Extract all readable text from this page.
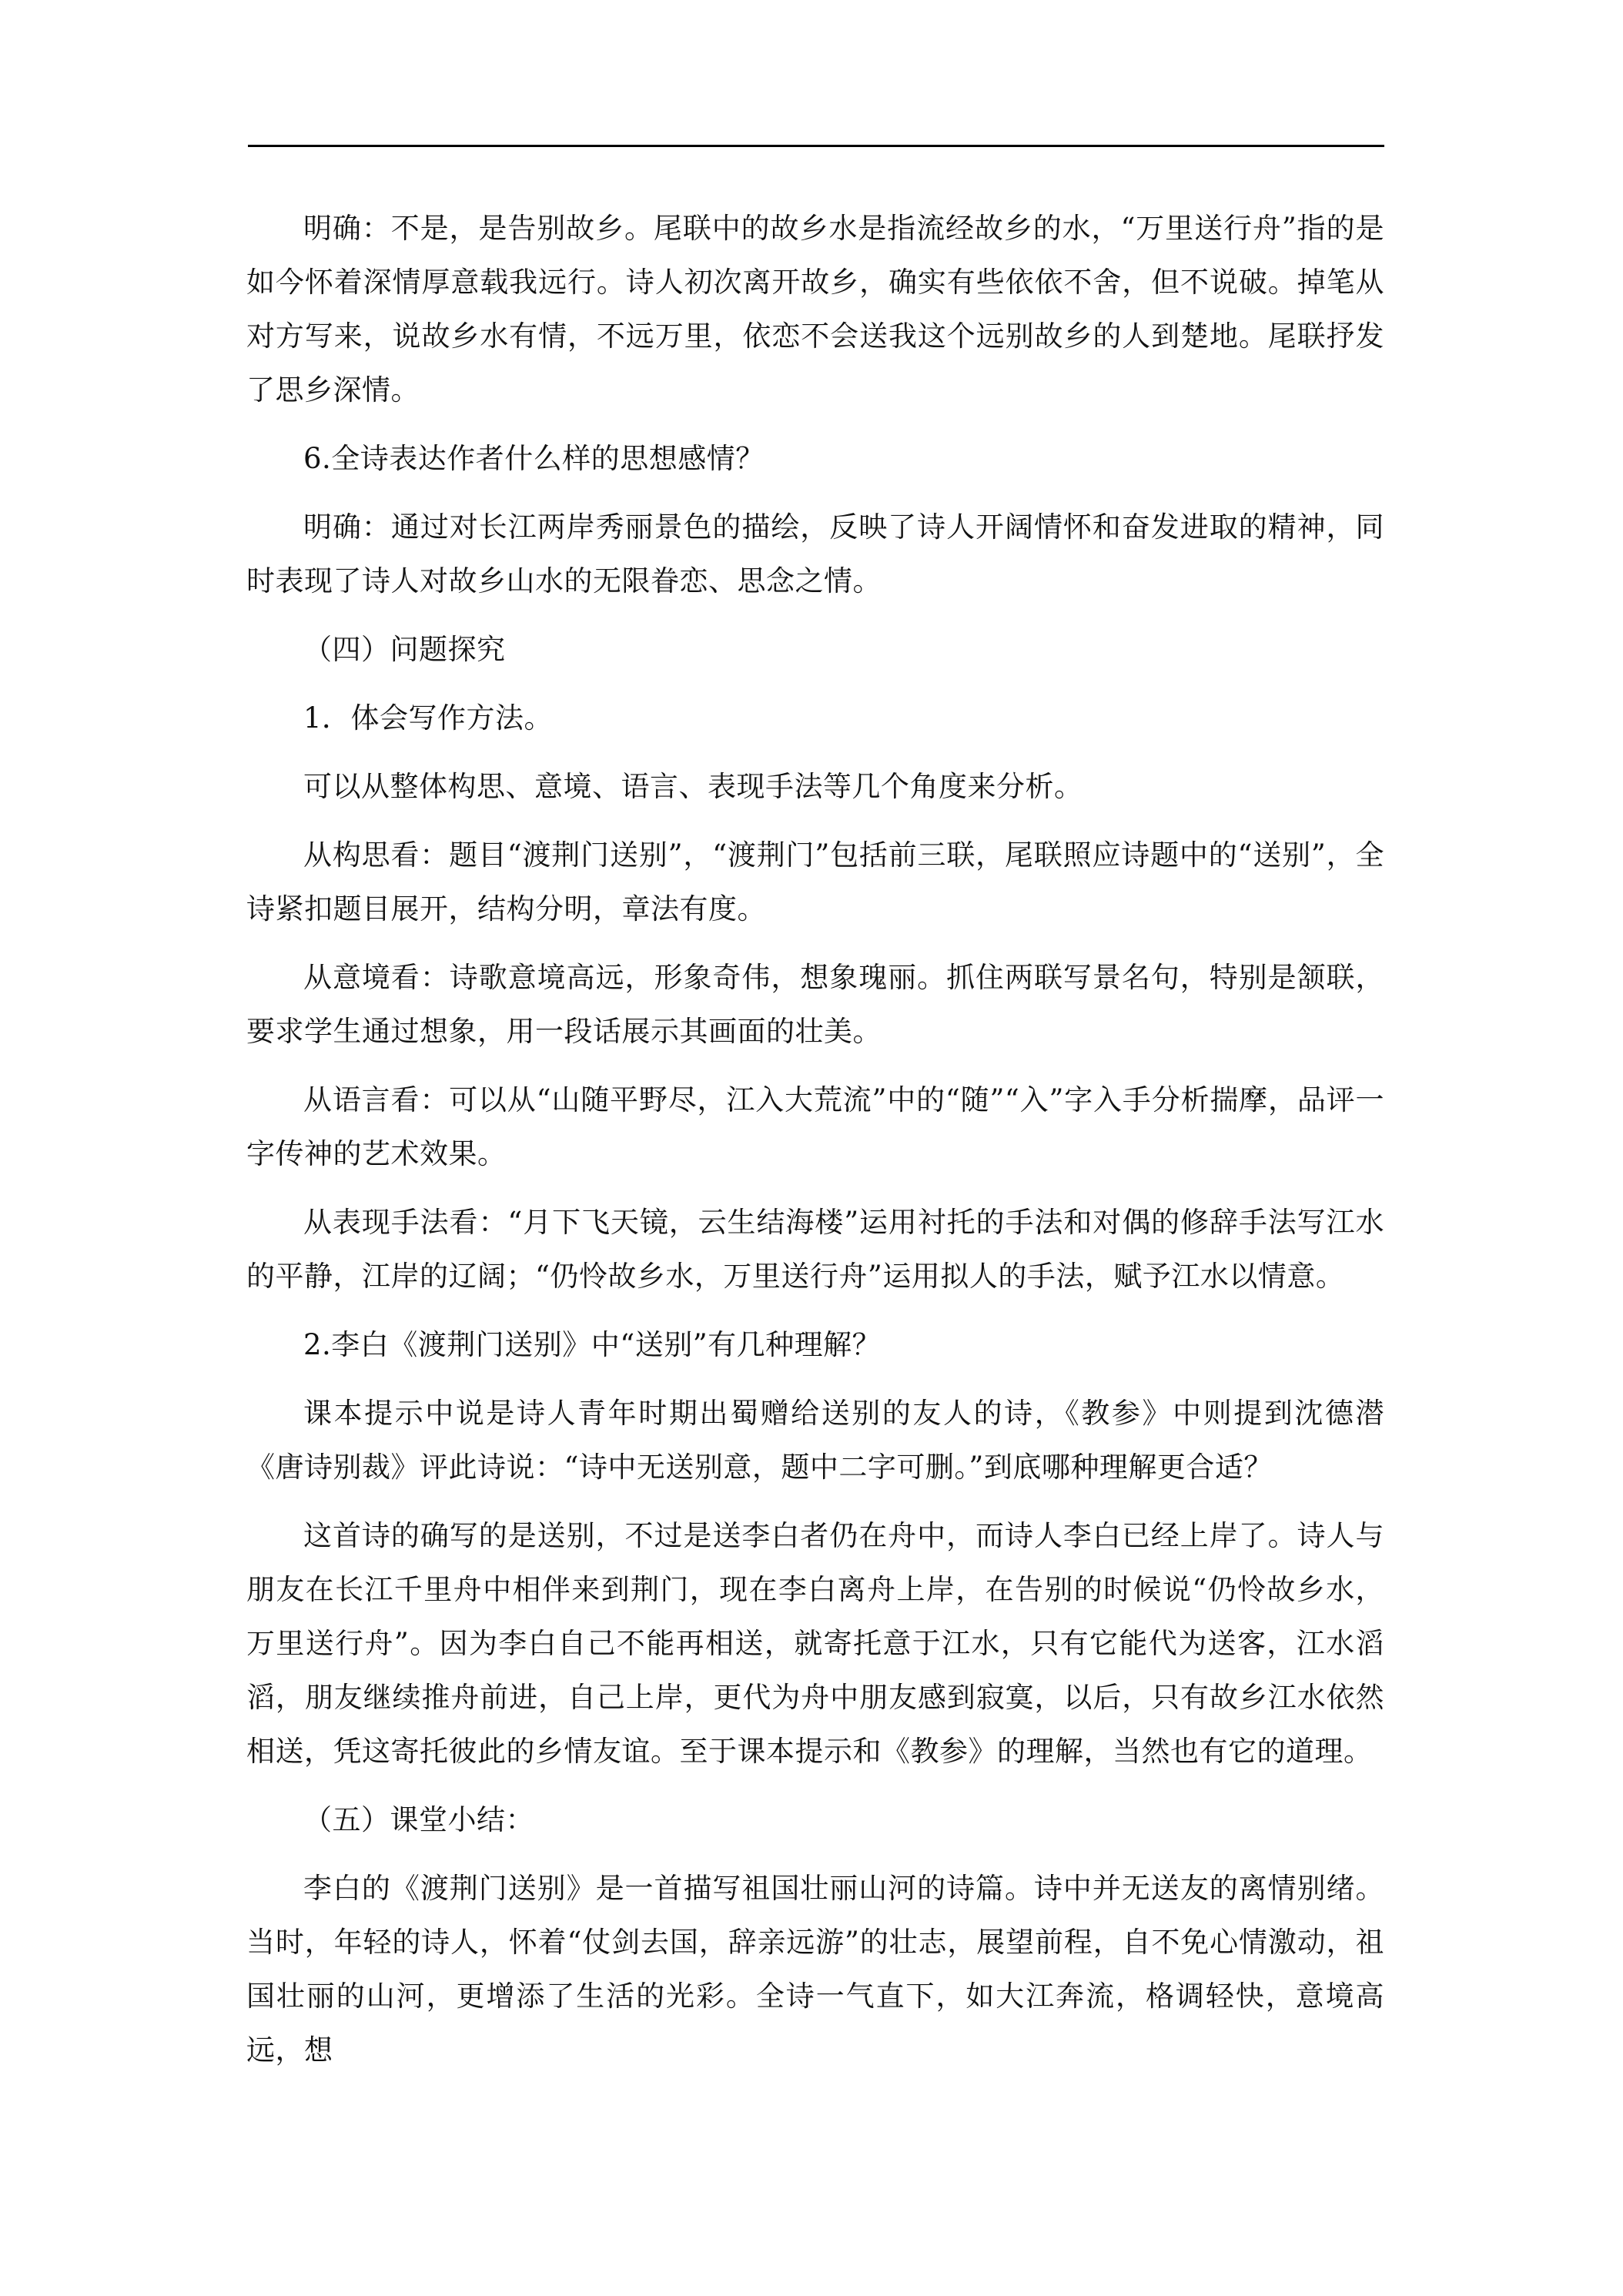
明确：不是，是告别故乡。尾联中的故乡水是指流经故乡的水，“万里送行舟”指的是如今怀着深情厚意载我远行。诗人初次离开故乡，确实有些依依不舍，但不说破。掉笔从对方写来，说故乡水有情，不远万里，依恋不会送我这个远别故乡的人到楚地。尾联抒发了思乡深情。

6.全诗表达作者什么样的思想感情？

明确：通过对长江两岸秀丽景色的描绘，反映了诗人开阔情怀和奋发进取的精神，同时表现了诗人对故乡山水的无限眷恋、思念之情。

（四）问题探究

1．体会写作方法。

可以从整体构思、意境、语言、表现手法等几个角度来分析。

从构思看：题目“渡荆门送别”，“渡荆门”包括前三联，尾联照应诗题中的“送别”，全诗紧扣题目展开，结构分明，章法有度。

从意境看：诗歌意境高远，形象奇伟，想象瑰丽。抓住两联写景名句，特别是颔联，要求学生通过想象，用一段话展示其画面的壮美。

从语言看：可以从“山随平野尽，江入大荒流”中的“随”“入”字入手分析揣摩，品评一字传神的艺术效果。

从表现手法看：“月下飞天镜，云生结海楼”运用衬托的手法和对偶的修辞手法写江水的平静，江岸的辽阔；“仍怜故乡水，万里送行舟”运用拟人的手法，赋予江水以情意。

2.李白《渡荆门送别》中“送别”有几种理解？

课本提示中说是诗人青年时期出蜀赠给送别的友人的诗，《教参》中则提到沈德潜《唐诗别裁》评此诗说：“诗中无送别意，题中二字可删。”到底哪种理解更合适？

这首诗的确写的是送别，不过是送李白者仍在舟中，而诗人李白已经上岸了。诗人与朋友在长江千里舟中相伴来到荆门，现在李白离舟上岸，在告别的时候说“仍怜故乡水，万里送行舟”。因为李白自己不能再相送，就寄托意于江水，只有它能代为送客，江水滔滔，朋友继续推舟前进，自己上岸，更代为舟中朋友感到寂寞，以后，只有故乡江水依然相送，凭这寄托彼此的乡情友谊。至于课本提示和《教参》的理解，当然也有它的道理。

（五）课堂小结：

李白的《渡荆门送别》是一首描写祖国壮丽山河的诗篇。诗中并无送友的离情别绪。当时，年轻的诗人，怀着“仗剑去国，辞亲远游”的壮志，展望前程，自不免心情激动，祖国壮丽的山河，更增添了生活的光彩。全诗一气直下，如大江奔流，格调轻快，意境高远，想
